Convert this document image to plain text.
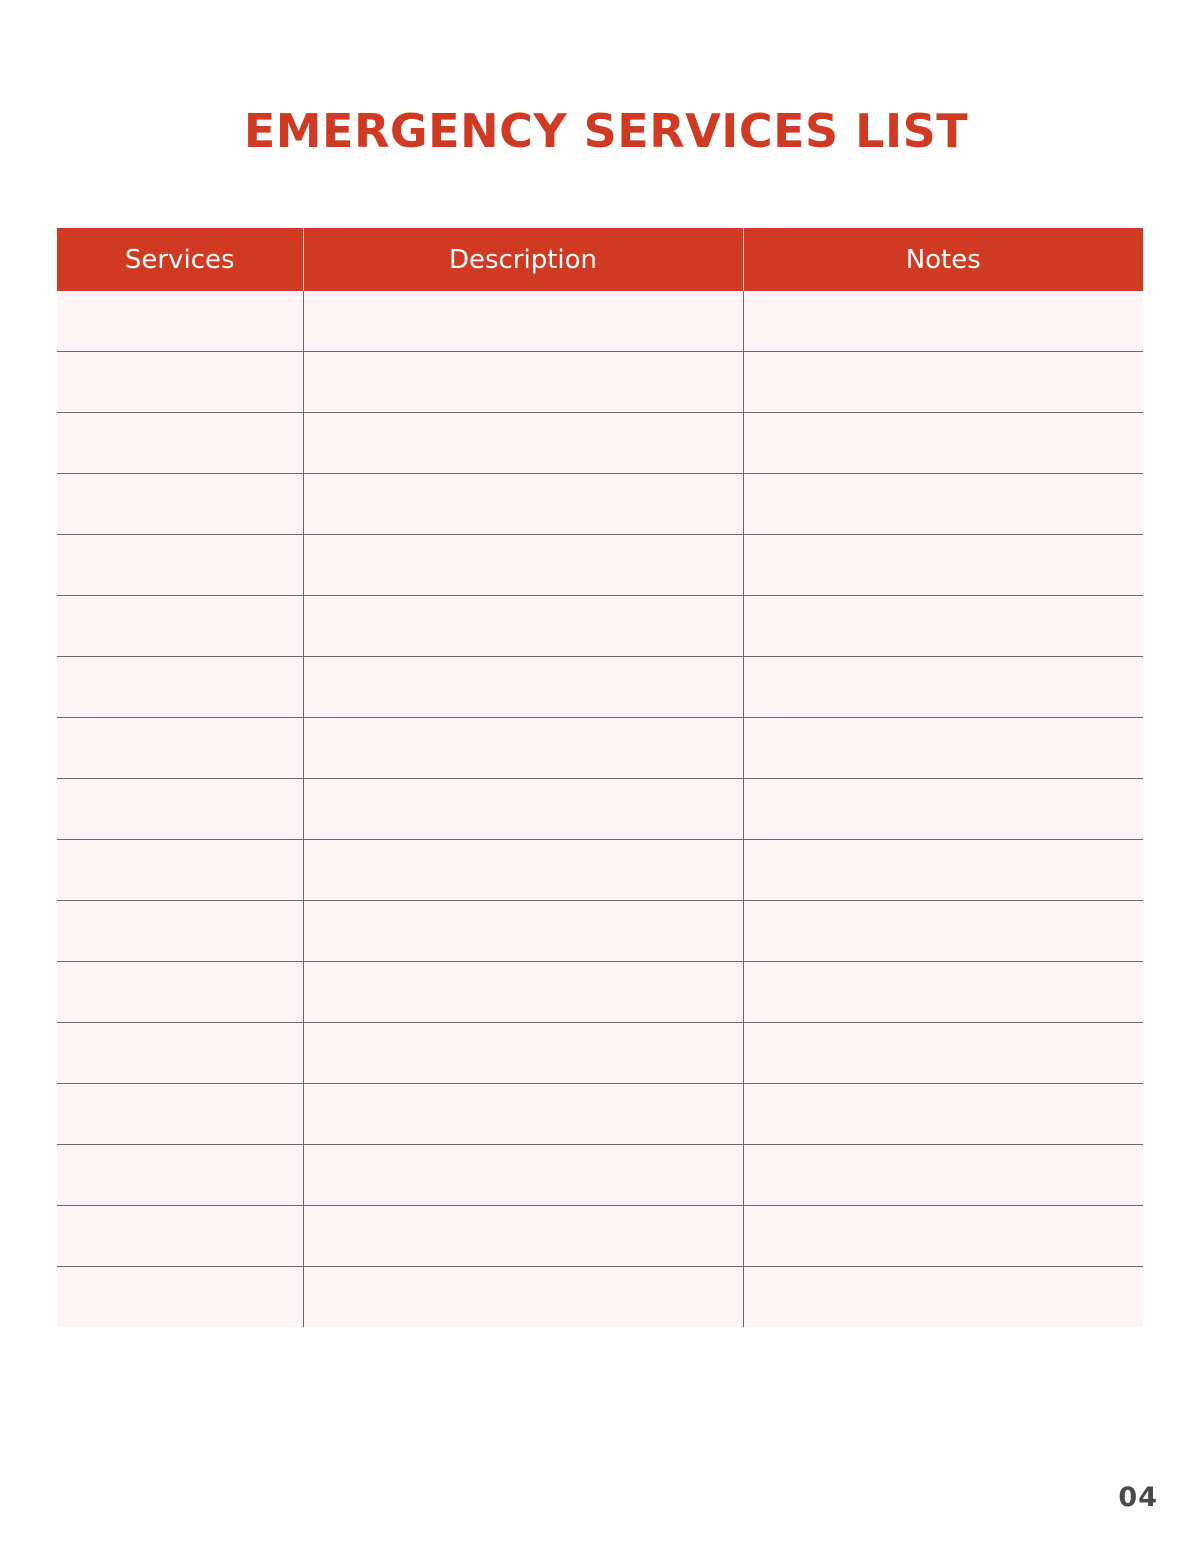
EMERGENCY SERVICES LIST
Services	Description	Notes

04
